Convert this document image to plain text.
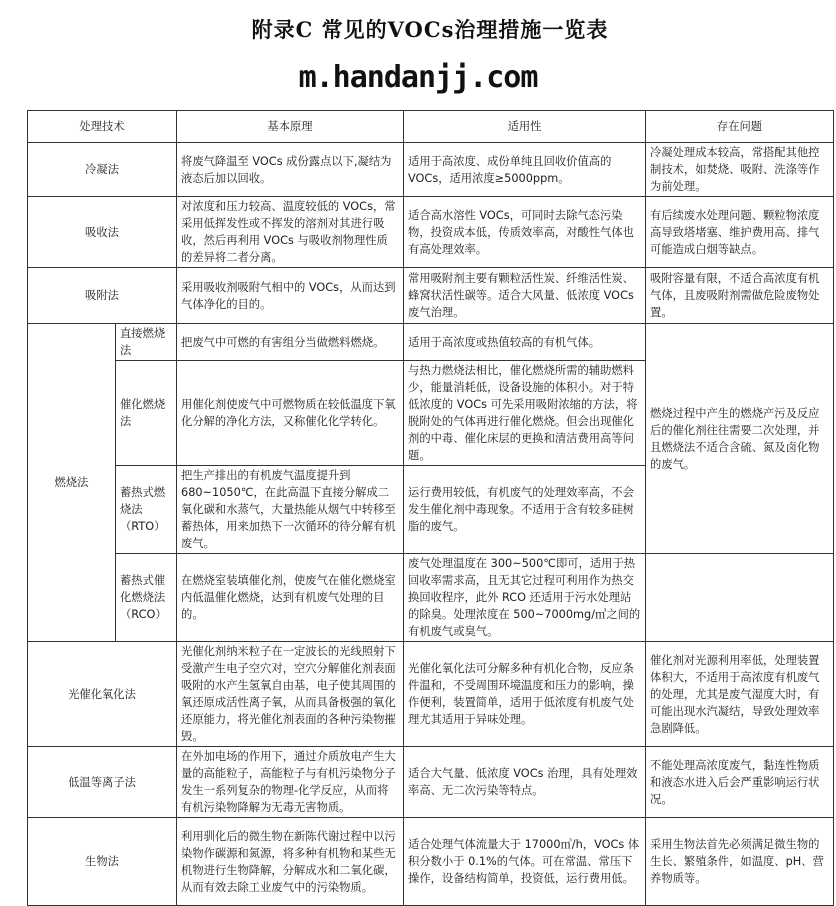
附录C 常见的VOCs治理措施一览表
m.handanjj.com
处理技术		基本原理	适用性	存在问题
冷凝法		将废气降温至 VOCs 成份露点以下,凝结为液态后加以回收。	适用于高浓度、成份单纯且回收价值高的VOCs，适用浓度≥5000ppm。	冷凝处理成本较高，常搭配其他控制技术，如焚烧、吸附、洗涤等作为前处理。
吸收法		对浓度和压力较高、温度较低的 VOCs，常采用低挥发性或不挥发的溶剂对其进行吸收，然后再利用 VOCs 与吸收剂物理性质的差异将二者分离。	适合高水溶性 VOCs，可同时去除气态污染物，投资成本低，传质效率高，对酸性气体也有高处理效率。	有后续废水处理问题、颗粒物浓度高导致塔堵塞、维护费用高、排气可能造成白烟等缺点。
吸附法		采用吸收剂吸附气相中的 VOCs，从而达到气体净化的目的。	常用吸附剂主要有颗粒活性炭、纤维活性炭、蜂窝状活性碳等。适合大风量、低浓度 VOCs 废气治理。	吸附容量有限，不适合高浓度有机气体，且废吸附剂需做危险废物处置。
燃烧法	直接燃烧法	把废气中可燃的有害组分当做燃料燃烧。	适用于高浓度或热值较高的有机气体。	燃烧过程中产生的燃烧产污及反应后的催化剂往往需要二次处理，并且燃烧法不适合含硫、氮及卤化物的废气。
	催化燃烧法	用催化剂使废气中可燃物质在较低温度下氧化分解的净化方法，又称催化化学转化。	与热力燃烧法相比，催化燃烧所需的辅助燃料少，能量消耗低，设备设施的体积小。对于特低浓度的 VOCs 可先采用吸附浓缩的方法，将脱附处的气体再进行催化燃烧。但会出现催化剂的中毒、催化床层的更换和清洁费用高等问题。	
	蓄热式燃烧法（RTO）	把生产排出的有机废气温度提升到 680~1050℃，在此高温下直接分解成二氧化碳和水蒸气，大量热能从烟气中转移至蓄热体，用来加热下一次循环的待分解有机废气。	运行费用较低，有机废气的处理效率高，不会发生催化剂中毒现象。不适用于含有较多硅树脂的废气。	
	蓄热式催化燃烧法（RCO）	在燃烧室装填催化剂，使废气在催化燃烧室内低温催化燃烧，达到有机废气处理的目的。	废气处理温度在 300~500℃即可，适用于热回收率需求高，且无其它过程可利用作为热交换回收程序，此外 RCO 还适用于污水处理站的除臭。处理浓度在 500~7000mg/㎥之间的有机废气或臭气。	
光催化氧化法		光催化剂纳米粒子在一定波长的光线照射下受激产生电子空穴对，空穴分解催化剂表面吸附的水产生氢氧自由基，电子使其周围的氧还原成活性离子氧，从而具备极强的氧化还原能力，将光催化剂表面的各种污染物摧毁。	光催化氧化法可分解多种有机化合物，反应条件温和，不受周围环境温度和压力的影响，操作便利，装置简单，适用于低浓度有机废气处理尤其适用于异味处理。	催化剂对光源利用率低，处理装置体积大，不适用于高浓度有机废气的处理，尤其是废气湿度大时，有可能出现水汽凝结，导致处理效率急剧降低。
低温等离子法		在外加电场的作用下，通过介质放电产生大量的高能粒子，高能粒子与有机污染物分子发生一系列复杂的物理-化学反应，从而将有机污染物降解为无毒无害物质。	适合大气量、低浓度 VOCs 治理，具有处理效率高、无二次污染等特点。	不能处理高浓度废气，黏连性物质和液态水进入后会严重影响运行状况。
生物法		利用驯化后的微生物在新陈代谢过程中以污染物作碳源和氮源，将多种有机物和某些无机物进行生物降解，分解成水和二氧化碳，从而有效去除工业废气中的污染物质。	适合处理气体流量大于 17000㎥/h，VOCs 体积分数小于 0.1%的气体。可在常温、常压下操作，设备结构简单，投资低，运行费用低。	采用生物法首先必须满足微生物的生长、繁殖条件，如温度、pH、营养物质等。
